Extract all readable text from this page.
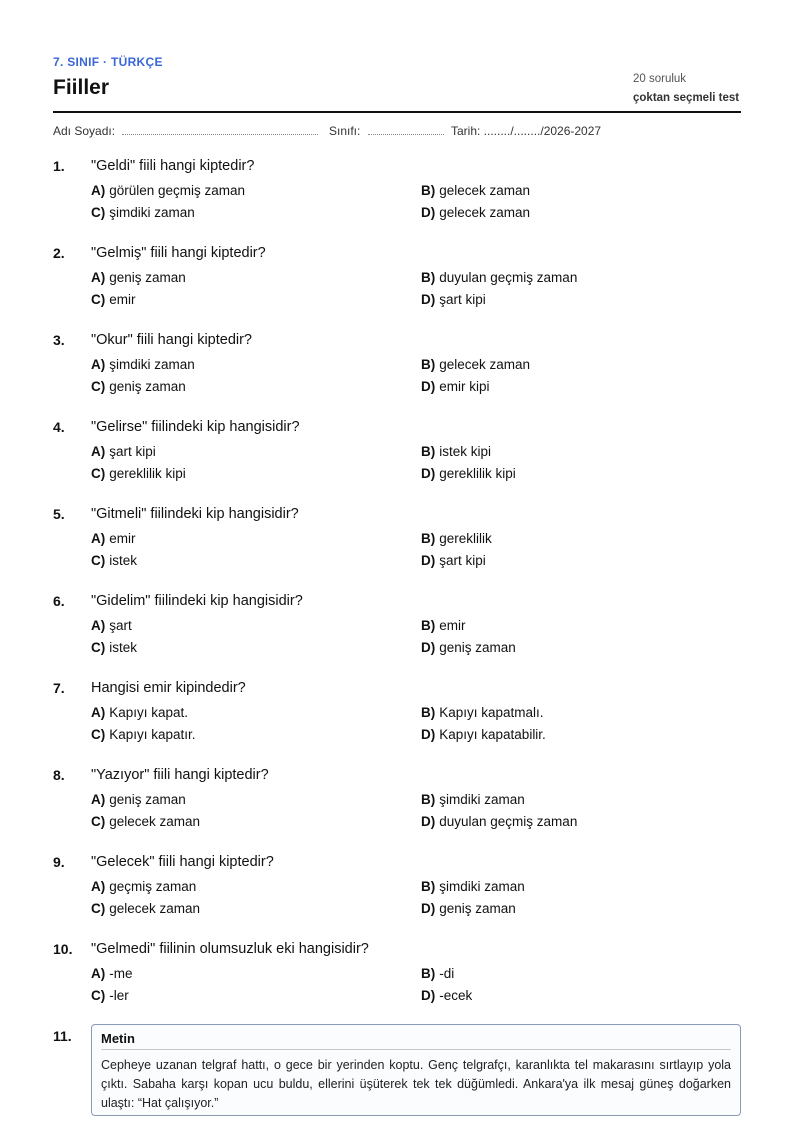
7. SINIF · TÜRKÇE
Fiiller	20 soruluk
çoktan seçmeli test
Adı Soyadı:	Sınıfı:	Tarih: ......../......../2026-2027
1. "Geldi" fiili hangi kiptedir?
A) görülen geçmiş zaman	B) gelecek zaman
C) şimdiki zaman	D) gelecek zaman
2. "Gelmiş" fiili hangi kiptedir?
A) geniş zaman	B) duyulan geçmiş zaman
C) emir	D) şart kipi
3. "Okur" fiili hangi kiptedir?
A) şimdiki zaman	B) gelecek zaman
C) geniş zaman	D) emir kipi
4. "Gelirse" fiilindeki kip hangisidir?
A) şart kipi	B) istek kipi
C) gereklilik kipi	D) gereklilik kipi
5. "Gitmeli" fiilindeki kip hangisidir?
A) emir	B) gereklilik
C) istek	D) şart kipi
6. "Gidelim" fiilindeki kip hangisidir?
A) şart	B) emir
C) istek	D) geniş zaman
7. Hangisi emir kipindedir?
A) Kapıyı kapat.	B) Kapıyı kapatmalı.
C) Kapıyı kapatır.	D) Kapıyı kapatabilir.
8. "Yazıyor" fiili hangi kiptedir?
A) geniş zaman	B) şimdiki zaman
C) gelecek zaman	D) duyulan geçmiş zaman
9. "Gelecek" fiili hangi kiptedir?
A) geçmiş zaman	B) şimdiki zaman
C) gelecek zaman	D) geniş zaman
10. "Gelmedi" fiilinin olumsuzluk eki hangisidir?
A) -me	B) -di
C) -ler	D) -ecek
11. Metin
Cepheye uzanan telgraf hattı, o gece bir yerinden koptu. Genç telgrafçı, karanlıkta tel makarasını sırtlayıp yola çıktı. Sabaha karşı kopan ucu buldu, ellerini üşüterek tek tek düğümledi. Ankara'ya ilk mesaj güneş doğarken ulaştı: “Hat çalışıyor.”
